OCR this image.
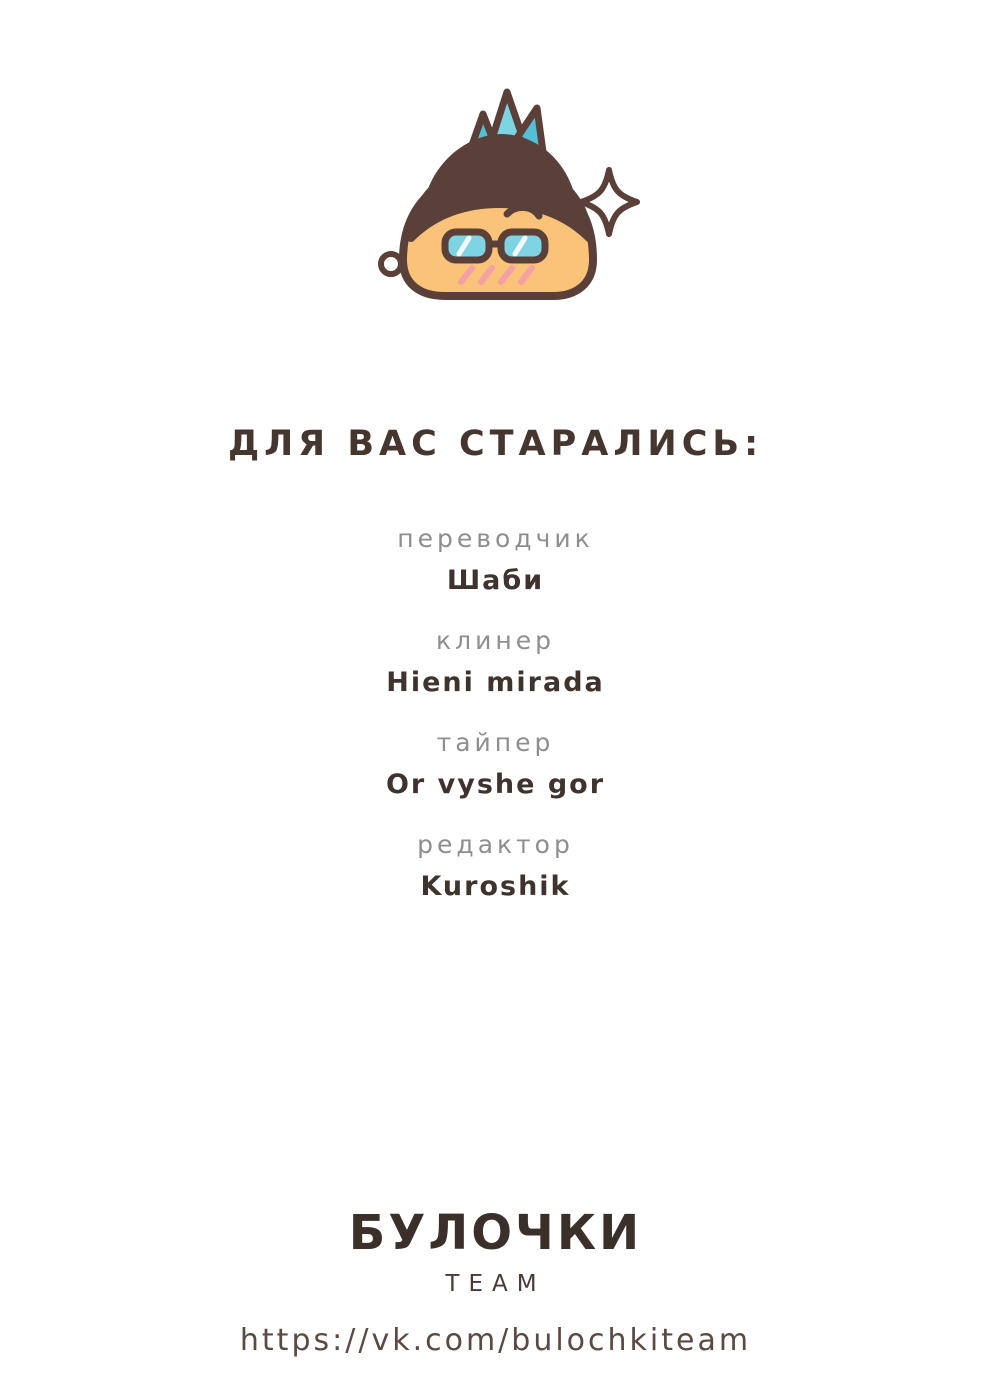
ДЛЯ ВАС СТАРАЛИСЬ:
переводчик
Шаби
клинер
Hieni mirada
тайпер
Or vyshe gor
редактор
Kuroshik
БУЛОЧКИ
TEAM
https://vk.com/bulochkiteam
